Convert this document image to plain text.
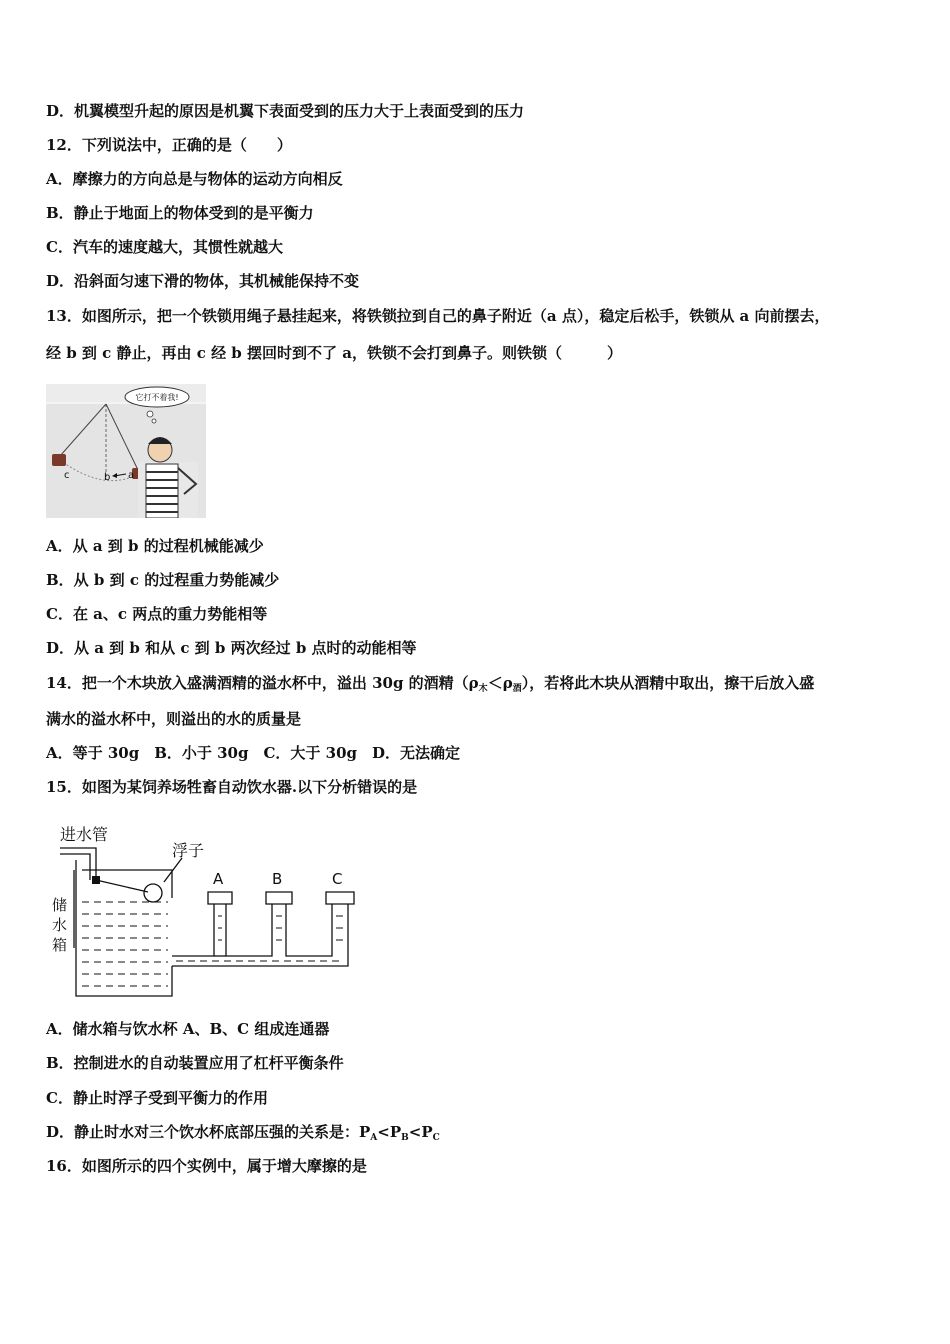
D．机翼模型升起的原因是机翼下表面受到的压力大于上表面受到的压力
12．下列说法中，正确的是（　　）
A．摩擦力的方向总是与物体的运动方向相反
B．静止于地面上的物体受到的是平衡力
C．汽车的速度越大，其惯性就越大
D．沿斜面匀速下滑的物体，其机械能保持不变
13．如图所示，把一个铁锁用绳子悬挂起来，将铁锁拉到自己的鼻子附近（a 点），稳定后松手，铁锁从 a 向前摆去，
经 b 到 c 静止，再由 c 经 b 摆回时到不了 a，铁锁不会打到鼻子。则铁锁（　　　）
它打不着我!
c	b a
A．从 a 到 b 的过程机械能减少
B．从 b 到 c 的过程重力势能减少
C．在 a、c 两点的重力势能相等
D．从 a 到 b 和从 c 到 b 两次经过 b 点时的动能相等
14．把一个木块放入盛满酒精的溢水杯中，溢出 30g 的酒精$(\rho_木<\rho_酒)$，若将此木块从酒精中取出，擦干后放入盛
满水的溢水杯中，则溢出的水的质量是
A．等于 30g　B．小于 30g　C．大于 30g　D．无法确定
15．如图为某饲养场牲畜自动饮水器.以下分析错误的是
进水管
浮子
储
水
箱
A	B	C
A．储水箱与饮水杯 A、B、C 组成连通器
B．控制进水的自动装置应用了杠杆平衡条件
C．静止时浮子受到平衡力的作用
D．静止时水对三个饮水杯底部压强的关系是：$P_A<P_B<P_C$
16．如图所示的四个实例中，属于增大摩擦的是
